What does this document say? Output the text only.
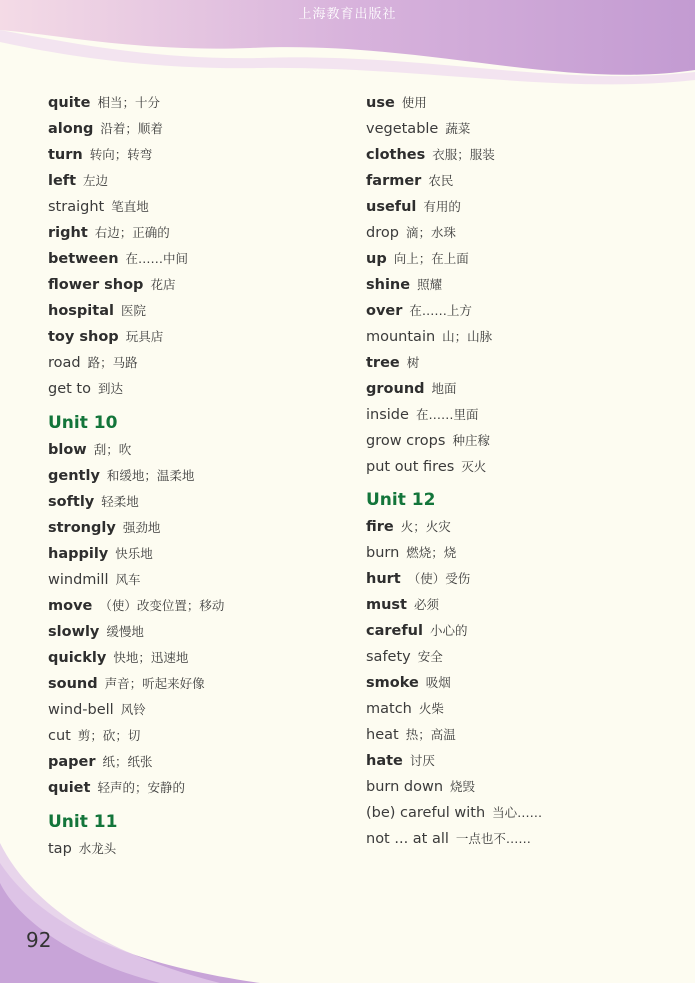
上海教育出版社
92
quite 相当；十分
along 沿着；顺着
turn 转向；转弯
left 左边
straight 笔直地
right 右边；正确的
between 在……中间
flower shop 花店
hospital 医院
toy shop 玩具店
road 路；马路
get to 到达
Unit 10
blow 刮；吹
gently 和缓地；温柔地
softly 轻柔地
strongly 强劲地
happily 快乐地
windmill 风车
move （使）改变位置；移动
slowly 缓慢地
quickly 快地；迅速地
sound 声音；听起来好像
wind-bell 风铃
cut 剪；砍；切
paper 纸；纸张
quiet 轻声的；安静的
Unit 11
tap 水龙头
use 使用
vegetable 蔬菜
clothes 衣服；服装
farmer 农民
useful 有用的
drop 滴；水珠
up 向上；在上面
shine 照耀
over 在……上方
mountain 山；山脉
tree 树
ground 地面
inside 在……里面
grow crops 种庄稼
put out fires 灭火
Unit 12
fire 火；火灾
burn 燃烧；烧
hurt （使）受伤
must 必须
careful 小心的
safety 安全
smoke 吸烟
match 火柴
heat 热；高温
hate 讨厌
burn down 烧毁
(be) careful with 当心……
not ... at all 一点也不……
